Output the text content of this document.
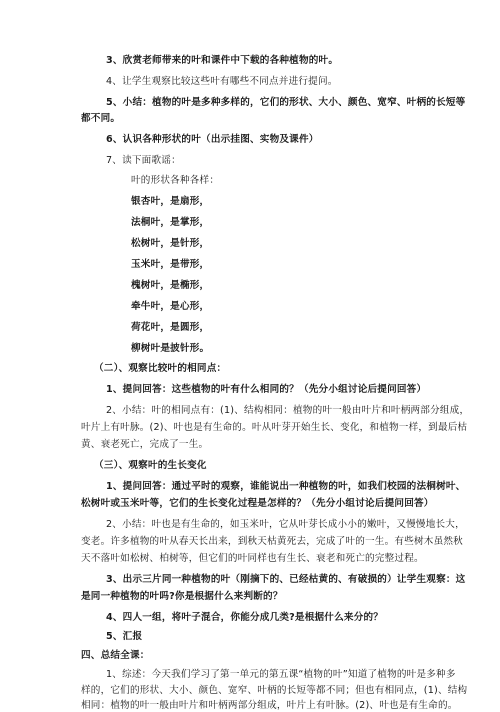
3、欣赏老师带来的叶和课件中下载的各种植物的叶。
4、让学生观察比较这些叶有哪些不同点并进行提问。
5、小结：植物的叶是多种多样的，它们的形状、大小、颜色、宽窄、叶柄的长短等
都不同。
6、认识各种形状的叶（出示挂图、实物及课件）
7、读下面歌谣：
叶的形状各种各样：
银杏叶，是扇形，
法桐叶，是掌形，
松树叶，是针形，
玉米叶，是带形，
槐树叶，是椭形，
牵牛叶，是心形，
荷花叶，是圆形，
柳树叶是披针形。
（二）、观察比较叶的相同点：
1、提问回答：这些植物的叶有什么相同的？（先分小组讨论后提问回答）
2、小结：叶的相同点有：(1)、结构相同：植物的叶一般由叶片和叶柄两部分组成，
叶片上有叶脉。(2)、叶也是有生命的。叶从叶芽开始生长、变化，和植物一样，到最后枯
黄、衰老死亡，完成了一生。
（三）、观察叶的生长变化
1、提问回答：通过平时的观察，谁能说出一种植物的叶，如我们校园的法桐树叶、
松树叶或玉米叶等，它们的生长变化过程是怎样的？（先分小组讨论后提问回答）
2、小结：叶也是有生命的，如玉米叶，它从叶芽长成小小的嫩叶，又慢慢地长大，
变老。许多植物的叶从春天长出来，到秋天枯黄死去，完成了叶的一生。有些树木虽然秋
天不落叶如松树、柏树等，但它们的叶同样也有生长、衰老和死亡的完整过程。
3、出示三片同一种植物的叶（刚摘下的、已经枯黄的、有破损的）让学生观察：这
是同一种植物的叶吗?你是根据什么来判断的？
4、四人一组，将叶子混合，你能分成几类?是根据什么来分的？
5、汇报
四、总结全课：
1、综述：今天我们学习了第一单元的第五课“植物的叶”知道了植物的叶是多种多
样的，它们的形状、大小、颜色、宽窄、叶柄的长短等都不同；但也有相同点，(1)、结构
相同：植物的叶一般由叶片和叶柄两部分组成，叶片上有叶脉。(2)、叶也是有生命的。
